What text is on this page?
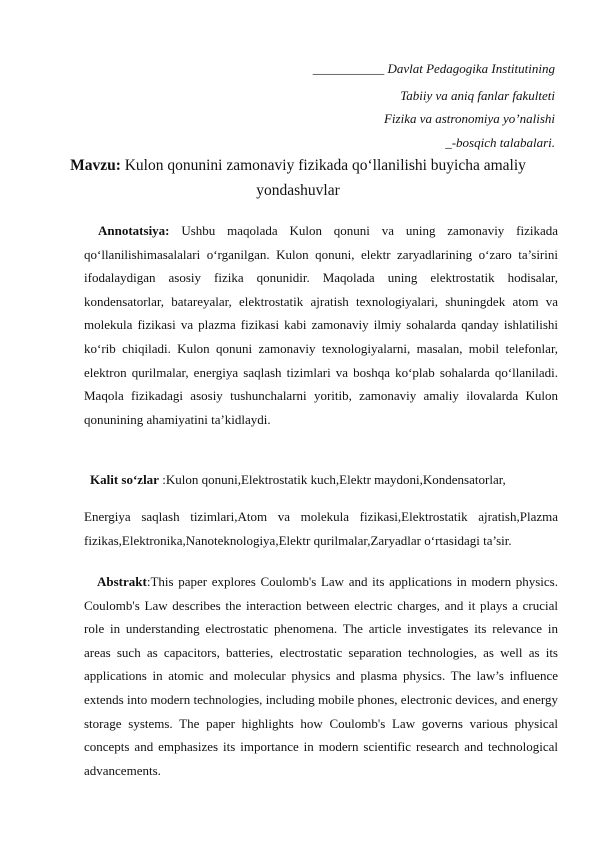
___________ Davlat Pedagogika Institutining
Tabiiy va aniq fanlar fakulteti
Fizika va astronomiya yo’nalishi
_-bosqich talabalari.
Mavzu: Kulon qonunini zamonaviy fizikada qo‘llanilishi buyicha amaliy yondashuvlar
Annotatsiya: Ushbu maqolada Kulon qonuni va uning zamonaviy fizikada qo‘llanilishimasalalari o‘rganilgan. Kulon qonuni, elektr zaryadlarining o‘zaro ta’sirini ifodalaydigan asosiy fizika qonunidir. Maqolada uning elektrostatik hodisalar, kondensatorlar, batareyalar, elektrostatik ajratish texnologiyalari, shuningdek atom va molekula fizikasi va plazma fizikasi kabi zamonaviy ilmiy sohalarda qanday ishlatilishi ko‘rib chiqiladi. Kulon qonuni zamonaviy texnologiyalarni, masalan, mobil telefonlar, elektron qurilmalar, energiya saqlash tizimlari va boshqa ko‘plab sohalarda qo‘llaniladi. Maqola fizikadagi asosiy tushunchalarni yoritib, zamonaviy amaliy ilovalarda Kulon qonunining ahamiyatini ta’kidlaydi.
Kalit so‘zlar :Kulon qonuni,Elektrostatik kuch,Elektr maydoni,Kondensatorlar,
Energiya saqlash tizimlari,Atom va molekula fizikasi,Elektrostatik ajratish,Plazma fizikas,Elektronika,Nanoteknologiya,Elektr qurilmalar,Zaryadlar o‘rtasidagi ta’sir.
Abstrakt:This paper explores Coulomb's Law and its applications in modern physics. Coulomb's Law describes the interaction between electric charges, and it plays a crucial role in understanding electrostatic phenomena. The article investigates its relevance in areas such as capacitors, batteries, electrostatic separation technologies, as well as its applications in atomic and molecular physics and plasma physics. The law’s influence extends into modern technologies, including mobile phones, electronic devices, and energy storage systems. The paper highlights how Coulomb's Law governs various physical concepts and emphasizes its importance in modern scientific research and technological advancements.
